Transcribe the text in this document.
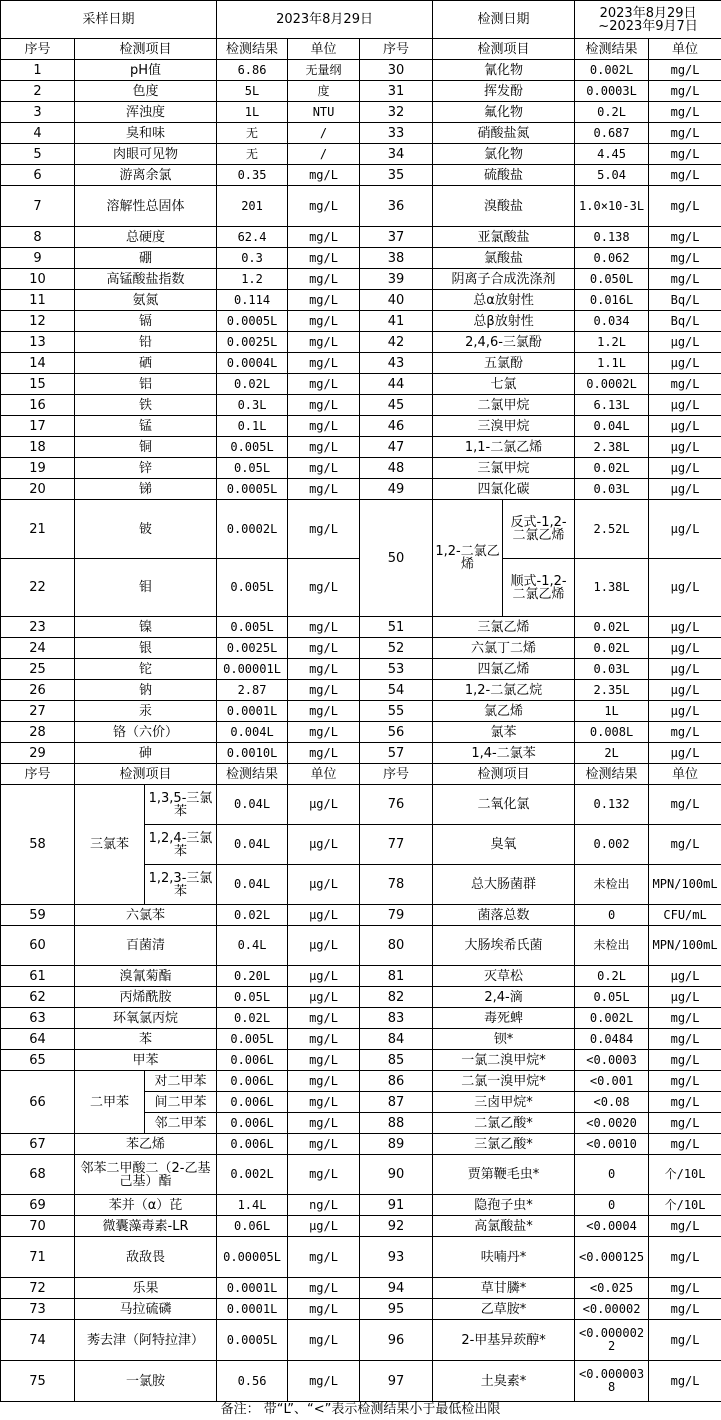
采样日期			2023年8月29日			检测日期		2023年8月29日
~2023年9月7日	
序号	检测项目		检测结果	单位	序号	检测项目		检测结果	单位
1	pH值		6.86	无量纲	30	氰化物		0.002L	mg/L
2	色度		5L	度	31	挥发酚		0.0003L	mg/L
3	浑浊度		1L	NTU	32	氟化物		0.2L	mg/L
4	臭和味		无	/	33	硝酸盐氮		0.687	mg/L
5	肉眼可见物		无	/	34	氯化物		4.45	mg/L
6	游离余氯		0.35	mg/L	35	硫酸盐		5.04	mg/L
7	溶解性总固体		201	mg/L	36	溴酸盐		1.0×10-3L	mg/L
8	总硬度		62.4	mg/L	37	亚氯酸盐		0.138	mg/L
9	硼		0.3	mg/L	38	氯酸盐		0.062	mg/L
10	高锰酸盐指数		1.2	mg/L	39	阴离子合成洗涤剂		0.050L	mg/L
11	氨氮		0.114	mg/L	40	总α放射性		0.016L	Bq/L
12	镉		0.0005L	mg/L	41	总β放射性		0.034	Bq/L
13	铅		0.0025L	mg/L	42	2,4,6-三氯酚		1.2L	μg/L
14	硒		0.0004L	mg/L	43	五氯酚		1.1L	μg/L
15	铝		0.02L	mg/L	44	七氯		0.0002L	mg/L
16	铁		0.3L	mg/L	45	二氯甲烷		6.13L	μg/L
17	锰		0.1L	mg/L	46	三溴甲烷		0.04L	μg/L
18	铜		0.005L	mg/L	47	1,1-二氯乙烯		2.38L	μg/L
19	锌		0.05L	mg/L	48	三氯甲烷		0.02L	μg/L
20	锑		0.0005L	mg/L	49	四氯化碳		0.03L	μg/L
21	铍		0.0002L	mg/L	50	1,2-二氯乙烯	反式-1,2-二氯乙烯	2.52L	μg/L
22	钼		0.005L	mg/L			顺式-1,2-二氯乙烯	1.38L	μg/L
23	镍		0.005L	mg/L	51	三氯乙烯		0.02L	μg/L
24	银		0.0025L	mg/L	52	六氯丁二烯		0.02L	μg/L
25	铊		0.00001L	mg/L	53	四氯乙烯		0.03L	μg/L
26	钠		2.87	mg/L	54	1,2-二氯乙烷		2.35L	μg/L
27	汞		0.0001L	mg/L	55	氯乙烯		1L	μg/L
28	铬（六价）		0.004L	mg/L	56	氯苯		0.008L	mg/L
29	砷		0.0010L	mg/L	57	1,4-二氯苯		2L	μg/L
序号	检测项目		检测结果	单位	序号	检测项目		检测结果	单位
58	三氯苯	1,3,5-三氯苯	0.04L	μg/L	76	二氧化氯		0.132	mg/L
		1,2,4-三氯苯	0.04L	μg/L	77	臭氧		0.002	mg/L
		1,2,3-三氯苯	0.04L	μg/L	78	总大肠菌群		未检出	MPN/100mL
59	六氯苯		0.02L	μg/L	79	菌落总数		0	CFU/mL
60	百菌清		0.4L	μg/L	80	大肠埃希氏菌		未检出	MPN/100mL
61	溴氰菊酯		0.20L	μg/L	81	灭草松		0.2L	μg/L
62	丙烯酰胺		0.05L	μg/L	82	2,4-滴		0.05L	μg/L
63	环氧氯丙烷		0.02L	mg/L	83	毒死蜱		0.002L	mg/L
64	苯		0.005L	mg/L	84	钡*		0.0484	mg/L
65	甲苯		0.006L	mg/L	85	一氯二溴甲烷*		<0.0003	mg/L
66	二甲苯	对二甲苯	0.006L	mg/L	86	二氯一溴甲烷*		<0.001	mg/L
		间二甲苯	0.006L	mg/L	87	三卤甲烷*		<0.08	mg/L
		邻二甲苯	0.006L	mg/L	88	二氯乙酸*		<0.0020	mg/L
67	苯乙烯		0.006L	mg/L	89	三氯乙酸*		<0.0010	mg/L
68	邻苯二甲酸二（2-乙基己基）酯		0.002L	mg/L	90	贾第鞭毛虫*		0	个/10L
69	苯并（α）芘		1.4L	ng/L	91	隐孢子虫*		0	个/10L
70	微囊藻毒素-LR		0.06L	μg/L	92	高氯酸盐*		<0.0004	mg/L
71	敌敌畏		0.00005L	mg/L	93	呋喃丹*		<0.000125	mg/L
72	乐果		0.0001L	mg/L	94	草甘膦*		<0.025	mg/L
73	马拉硫磷		0.0001L	mg/L	95	乙草胺*		<0.00002	mg/L
74	莠去津（阿特拉津）		0.0005L	mg/L	96	2-甲基异莰醇*		<0.0000022	mg/L
75	一氯胺		0.56	mg/L	97	土臭素*		<0.0000038	mg/L
备注： 带“L”、“<”表示检测结果小于最低检出限
